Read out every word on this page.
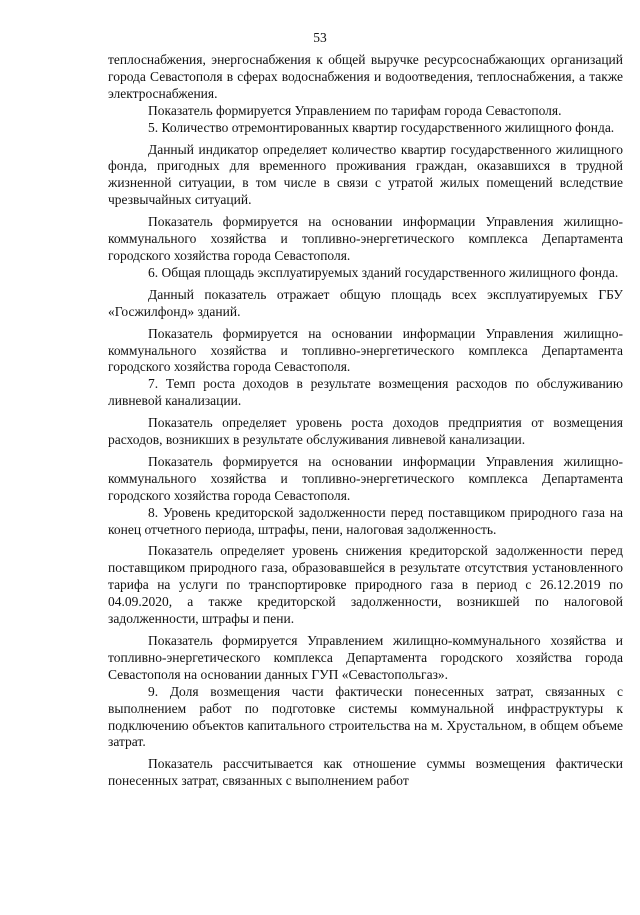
53

теплоснабжения, энергоснабжения к общей выручке ресурсоснабжающих организаций города Севастополя в сферах водоснабжения и водоотведения, теплоснабжения, а также электроснабжения.

Показатель формируется Управлением по тарифам города Севастополя.

5. Количество отремонтированных квартир государственного жилищного фонда.

Данный индикатор определяет количество квартир государственного жилищного фонда, пригодных для временного проживания граждан, оказавшихся в трудной жизненной ситуации, в том числе в связи с утратой жилых помещений вследствие чрезвычайных ситуаций.

Показатель формируется на основании информации Управления жилищно-коммунального хозяйства и топливно-энергетического комплекса Департамента городского хозяйства города Севастополя.

6. Общая площадь эксплуатируемых зданий государственного жилищного фонда.

Данный показатель отражает общую площадь всех эксплуатируемых ГБУ «Госжилфонд» зданий.

Показатель формируется на основании информации Управления жилищно-коммунального хозяйства и топливно-энергетического комплекса Департамента городского хозяйства города Севастополя.

7. Темп роста доходов в результате возмещения расходов по обслуживанию ливневой канализации.

Показатель определяет уровень роста доходов предприятия от возмещения расходов, возникших в результате обслуживания ливневой канализации.

Показатель формируется на основании информации Управления жилищно-коммунального хозяйства и топливно-энергетического комплекса Департамента городского хозяйства города Севастополя.

8. Уровень кредиторской задолженности перед поставщиком природного газа на конец отчетного периода, штрафы, пени, налоговая задолженность.

Показатель определяет уровень снижения кредиторской задолженности перед поставщиком природного газа, образовавшейся в результате отсутствия установленного тарифа на услуги по транспортировке природного газа в период с 26.12.2019 по 04.09.2020, а также кредиторской задолженности, возникшей по налоговой задолженности, штрафы и пени.

Показатель формируется Управлением жилищно-коммунального хозяйства и топливно-энергетического комплекса Департамента городского хозяйства города Севастополя на основании данных ГУП «Севастопольгаз».

9. Доля возмещения части фактически понесенных затрат, связанных с выполнением работ по подготовке системы коммунальной инфраструктуры к подключению объектов капитального строительства на м. Хрустальном, в общем объеме затрат.

Показатель рассчитывается как отношение суммы возмещения фактически понесенных затрат, связанных с выполнением работ
